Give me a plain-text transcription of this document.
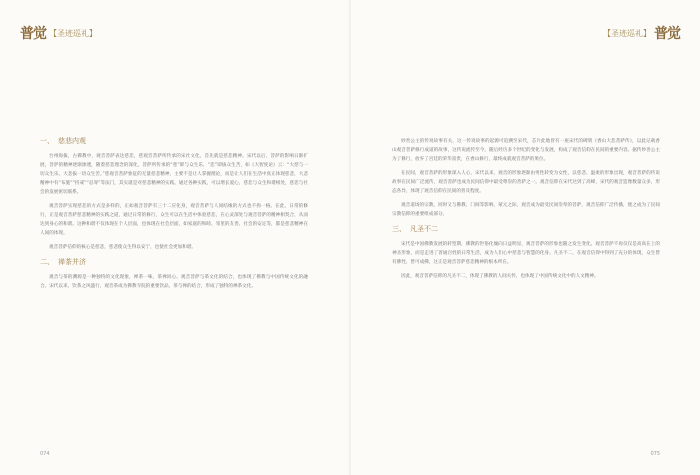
普觉 【圣迹巡礼】
一、 慈悲内观

台州海拔，古佛教中，观音菩萨表达慈悲，慈观音菩萨所传承的宋社文化，首先就是慈悲精神。宋代以后，菩萨的影响日渐扩展，菩萨的精神逐渐渗透，随着慈悲理念的深化，菩萨所传承的“慈”即与众生乐，“悲”即拔众生苦，如《大智度论》云：“大慈与一切众生乐，大悲拔一切众生苦。”慈观音菩萨象征的无量慈悲精神，主要不是让人掌握理论，而是让人们在生活中真正体现慈悲，大悲精神中有“布施”“持戒”“忍辱”等法门，其实就是对慈悲精神的实践。通过各种实践，可以增长爱心，慈悲与众生和谐相处，慈悲与社会的发展密切联系。

观音菩萨实现慈悲的方式是多样的，正如观音菩萨有三十二应化身，观音菩萨与人间结缘的方式也不拘一格。在此，日常的修行，正是观音菩萨慈悲精神的实践之道，通过日常的修行，众生可以在生活中体验慈悲，在心灵深处与观音菩萨的精神相契合，从而达到身心的和谐。这种和谐不仅体现在个人层面，也体现在社会层面，如家庭的和睦、邻里的友善、社会的安定等，都是慈悲精神在人间的体现。

观音菩萨信仰的核心是慈悲，慈悲使众生得以安宁，也使社会更加和谐。

二、 禅茶并济

观音与茶的渊源是一种独特的文化现象，禅茶一味，茶禅同心。观音菩萨与茶文化的结合，也体现了佛教与中国传统文化的融合。宋代以来，饮茶之风盛行，观音茶成为佛教寺院的重要饮品，茶与禅的结合，形成了独特的禅茶文化。

074
【圣迹巡礼】 普觉

妙善公主的传说故事有关，这一传说故事的起源可追溯至宋代，芯片此地曾有一座宋代的碑刻《香山大悲菩萨传》，以此记载香山观音菩萨修行成道的故事，这传说流传至今，随后经历多个世纪的变化与发展，构成了观音信仰在民间的重要内容。据传妙善公主为了修行，放弃了宫廷的荣华富贵，在香山修行，最终成就观音菩萨的果位。

在民间，观音菩萨的形象深入人心，宋代以来，观音的形象逐渐由男性转变为女性，以慈悲、温柔的形象出现，观音菩萨的传说故事在民间广泛流传，观音菩萨也成为民间信仰中最受尊崇的菩萨之一。观音信仰在宋代达到了高峰，宋代的观音造像数量众多，形态各异，体现了观音信仰在民间的普及程度。

观音道场的宗教，同时又与佛教、门闾等影响，蒙元之际，观音成为最受民间崇奉的菩萨，观音信仰广泛传播，使之成为了民间宗教信仰的重要组成部分。

三、 凡圣不二

宋代是中国佛教发展的转型期，佛教的世俗化倾向日益明显，观音菩萨的形象也随之发生变化。观音菩萨不再仅仅是高高在上的神圣形象，而是走进了普通百姓的日常生活，成为人们心中慈悲与智慧的化身。凡圣不二，在观音信仰中得到了充分的体现，众生皆有佛性，皆可成佛，这正是观音菩萨慈悲精神的根本所在。

因此，观音菩萨信仰的凡圣不二，体现了佛教的人间关怀，也体现了中国传统文化中的人文精神。

075
